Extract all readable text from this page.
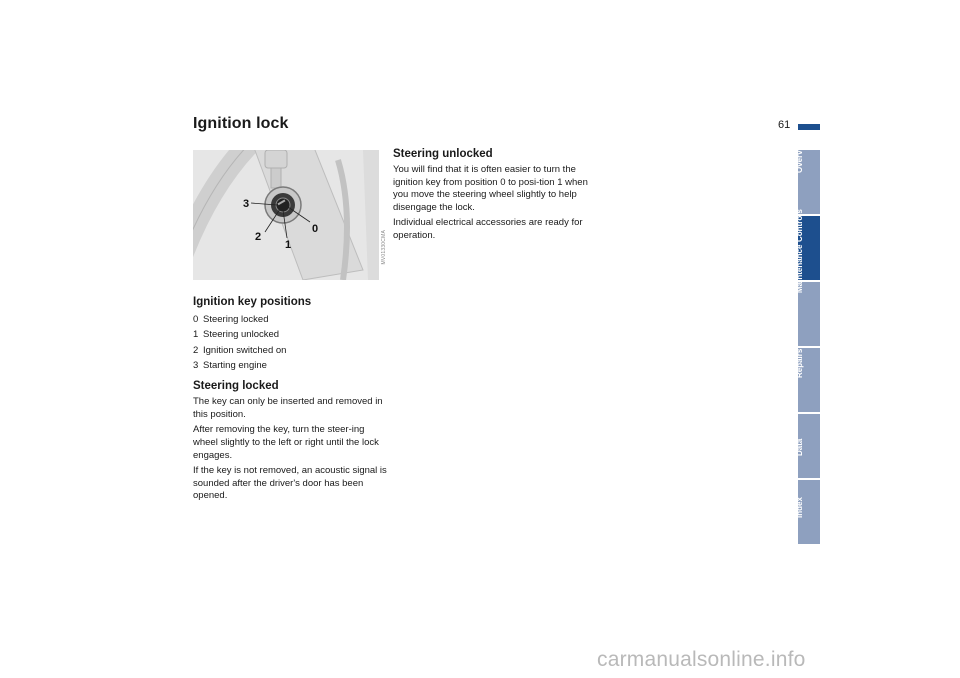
Ignition lock	61
3
2
1
0
MV01330CMA
Ignition key positions
0 Steering locked
1 Steering unlocked
2 Ignition switched on
3 Starting engine
Steering locked

The key can only be inserted and removed in this position.

After removing the key, turn the steer-ing wheel slightly to the left or right until the lock engages.

If the key is not removed, an acoustic signal is sounded after the driver's door has been opened.

Steering unlocked

You will find that it is often easier to turn the ignition key from position 0 to posi-tion 1 when you move the steering wheel slightly to help disengage the lock.

Individual electrical accessories are ready for operation.

Overview
Controls
Maintenance
Repairs
Data
Index
carmanualsonline.info
